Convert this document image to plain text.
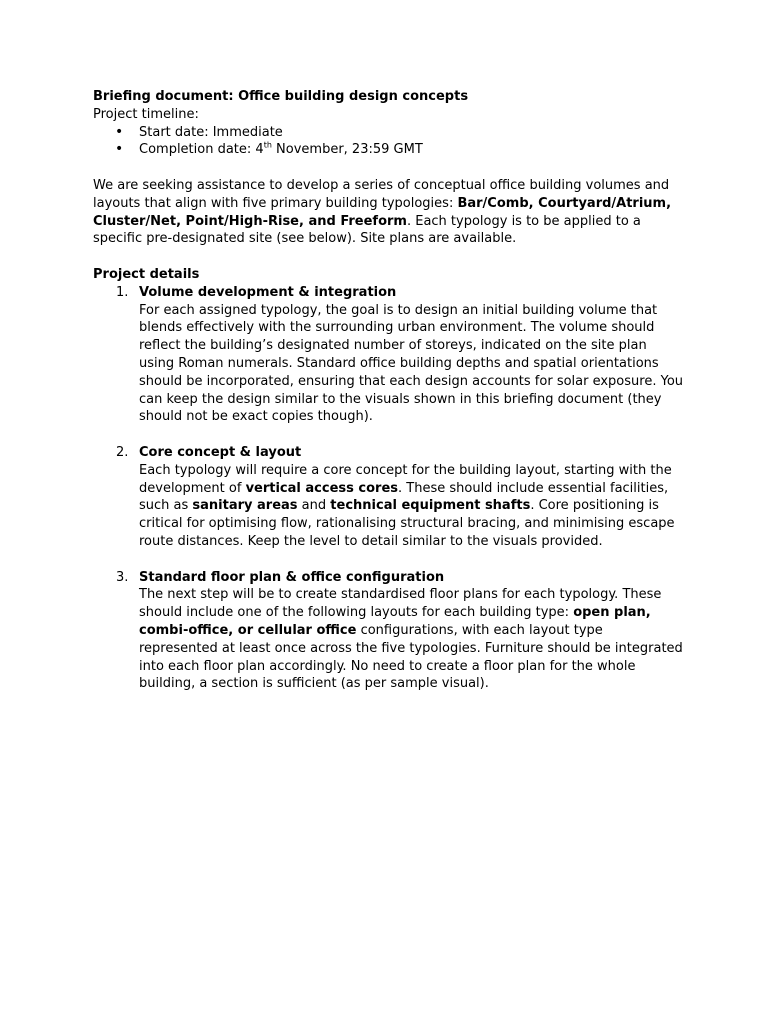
Briefing document: Office building design concepts

Project timeline:

• Start date: Immediate
• Completion date: 4th November, 23:59 GMT

We are seeking assistance to develop a series of conceptual office building volumes and layouts that align with five primary building typologies: Bar/Comb, Courtyard/Atrium, Cluster/Net, Point/High-Rise, and Freeform. Each typology is to be applied to a specific pre-designated site (see below). Site plans are available.

Project details

1. Volume development & integration

For each assigned typology, the goal is to design an initial building volume that blends effectively with the surrounding urban environment. The volume should reflect the building’s designated number of storeys, indicated on the site plan using Roman numerals. Standard office building depths and spatial orientations should be incorporated, ensuring that each design accounts for solar exposure. You can keep the design similar to the visuals shown in this briefing document (they should not be exact copies though).

2. Core concept & layout

Each typology will require a core concept for the building layout, starting with the development of vertical access cores. These should include essential facilities, such as sanitary areas and technical equipment shafts. Core positioning is critical for optimising flow, rationalising structural bracing, and minimising escape route distances. Keep the level to detail similar to the visuals provided.

3. Standard floor plan & office configuration

The next step will be to create standardised floor plans for each typology. These should include one of the following layouts for each building type: open plan, combi-office, or cellular office configurations, with each layout type represented at least once across the five typologies. Furniture should be integrated into each floor plan accordingly. No need to create a floor plan for the whole building, a section is sufficient (as per sample visual).
